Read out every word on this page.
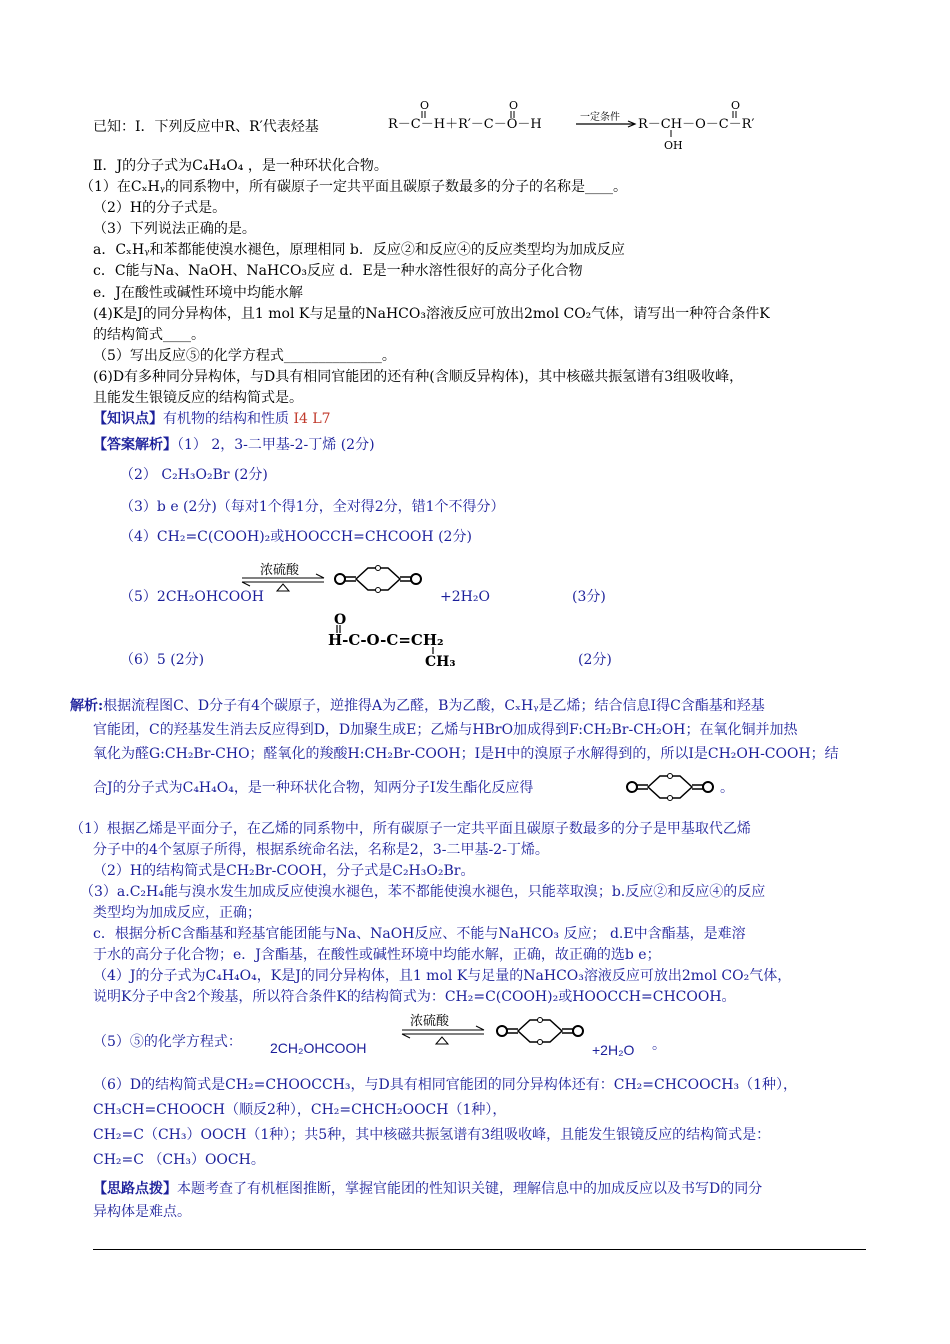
已知：Ⅰ．下列反应中R、R′代表烃基	R－C－H＋R′－C－O－H
O	O
一定条件 R－CH－O－C－R′
OH
O
Ⅱ．J的分子式为C₄H₄O₄ ，是一种环状化合物。
（1）在CₓHᵧ的同系物中，所有碳原子一定共平面且碳原子数最多的分子的名称是____。
（2）H的分子式是。
（3）下列说法正确的是。
a．CₓHᵧ和苯都能使溴水褪色，原理相同 b．反应②和反应④的反应类型均为加成反应
c．C能与Na、NaOH、NaHCO₃反应 d．E是一种水溶性很好的高分子化合物
e．J在酸性或碱性环境中均能水解
(4)K是J的同分异构体，且1 mol K与足量的NaHCO₃溶液反应可放出2mol CO₂气体，请写出一种符合条件K
的结构简式____。
（5）写出反应⑤的化学方程式______________。
(6)D有多种同分异构体，与D具有相同官能团的还有种(含顺反异构体)，其中核磁共振氢谱有3组吸收峰，
且能发生银镜反应的结构简式是。
【知识点】有机物的结构和性质 I4 L7
【答案解析】（1） 2，3-二甲基-2-丁烯 (2分)
（2） C₂H₃O₂Br (2分)
（3）b e (2分)（每对1个得1分，全对得2分，错1个不得分）
（4）CH₂=C(COOH)₂或HOOCCH=CHCOOH (2分)
（5）2CH₂OHCOOH
浓硫酸
+2H₂O	(3分)
（6）5 (2分)
O
H-C-O-C=CH₂
CH₃	(2分)
解析:根据流程图C、D分子有4个碳原子，逆推得A为乙醛，B为乙酸，CₓHᵧ是乙烯；结合信息Ⅰ得C含酯基和羟基
官能团，C的羟基发生消去反应得到D，D加聚生成E；乙烯与HBrO加成得到F:CH₂Br-CH₂OH；在氧化铜并加热
氧化为醛G:CH₂Br-CHO；醛氧化的羧酸H:CH₂Br-COOH；I是H中的溴原子水解得到的，所以I是CH₂OH-COOH；结
合J的分子式为C₄H₄O₄，是一种环状化合物，知两分子I发生酯化反应得	。
（1）根据乙烯是平面分子，在乙烯的同系物中，所有碳原子一定共平面且碳原子数最多的分子是甲基取代乙烯
分子中的4个氢原子所得，根据系统命名法，名称是2，3-二甲基-2-丁烯。
（2）H的结构简式是CH₂Br-COOH，分子式是C₂H₃O₂Br。
（3）a.C₂H₄能与溴水发生加成反应使溴水褪色，苯不都能使溴水褪色，只能萃取溴；b.反应②和反应④的反应
类型均为加成反应，正确；
c．根据分析C含酯基和羟基官能团能与Na、NaOH反应、不能与NaHCO₃ 反应； d.E中含酯基，是难溶
于水的高分子化合物；e．J含酯基，在酸性或碱性环境中均能水解，正确，故正确的选b e；
（4）J的分子式为C₄H₄O₄，K是J的同分异构体，且1 mol K与足量的NaHCO₃溶液反应可放出2mol CO₂气体，
说明K分子中含2个羧基，所以符合条件K的结构简式为：CH₂=C(COOH)₂或HOOCCH=CHCOOH。
（5）⑤的化学方程式： 2CH₂OHCOOH
浓硫酸
+2H₂O 。
（6）D的结构简式是CH₂=CHOOCCH₃，与D具有相同官能团的同分异构体还有：CH₂=CHCOOCH₃（1种），
CH₃CH=CHOOCH（顺反2种），CH₂=CHCH₂OOCH（1种），
CH₂=C（CH₃）OOCH（1种）；共5种，其中核磁共振氢谱有3组吸收峰，且能发生银镜反应的结构简式是：
CH₂=C （CH₃）OOCH。
【思路点拨】本题考查了有机框图推断，掌握官能团的性知识关键，理解信息中的加成反应以及书写D的同分
异构体是难点。
